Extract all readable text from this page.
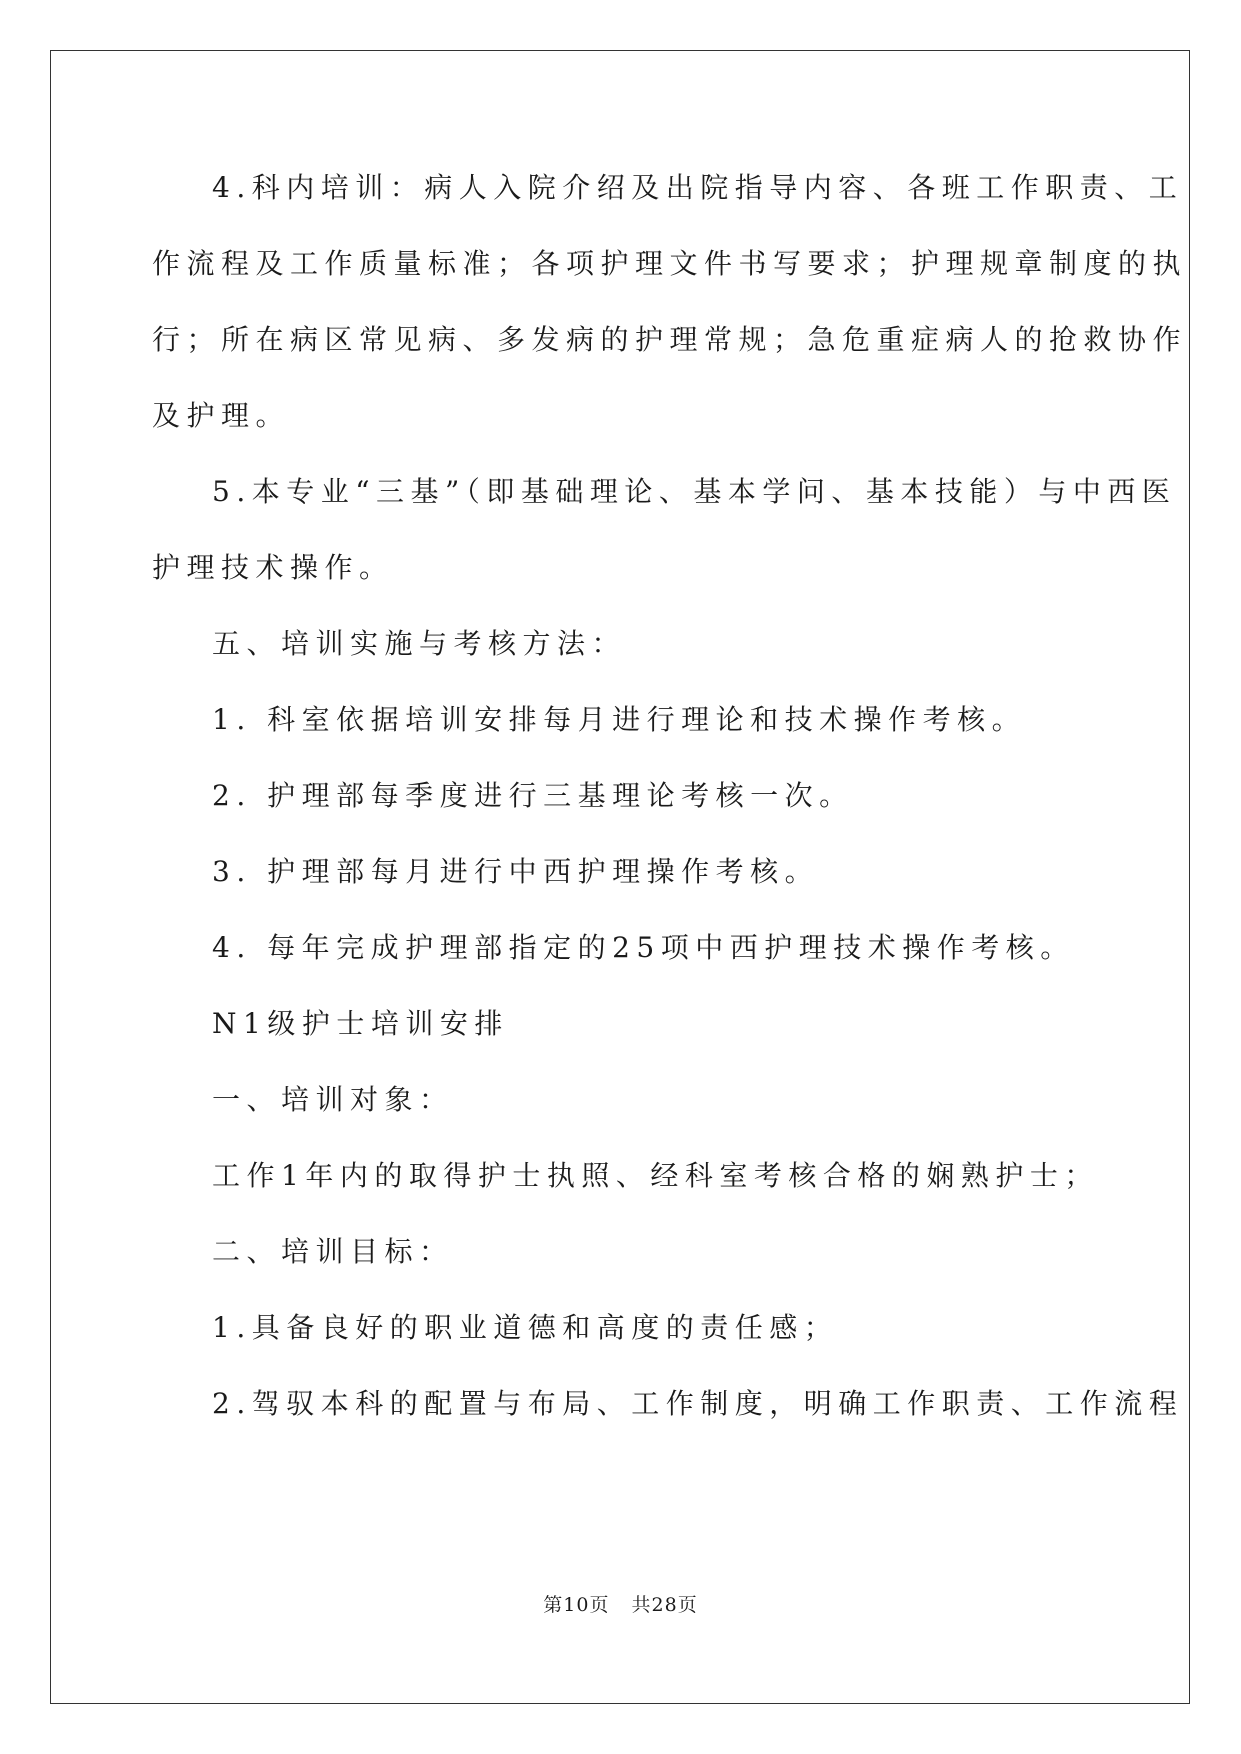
4.科内培训：病人入院介绍及出院指导内容、各班工作职责、工
作流程及工作质量标准；各项护理文件书写要求；护理规章制度的执
行；所在病区常见病、多发病的护理常规；急危重症病人的抢救协作
及护理。
5.本专业“三基”（即基础理论、基本学问、基本技能）与中西医
护理技术操作。
五、培训实施与考核方法：
1. 科室依据培训安排每月进行理论和技术操作考核。
2. 护理部每季度进行三基理论考核一次。
3. 护理部每月进行中西护理操作考核。
4. 每年完成护理部指定的25项中西护理技术操作考核。
N1级护士培训安排
一、培训对象：
工作1年内的取得护士执照、经科室考核合格的娴熟护士；
二、培训目标：
1.具备良好的职业道德和高度的责任感；
2.驾驭本科的配置与布局、工作制度，明确工作职责、工作流程
第10页 共28页
